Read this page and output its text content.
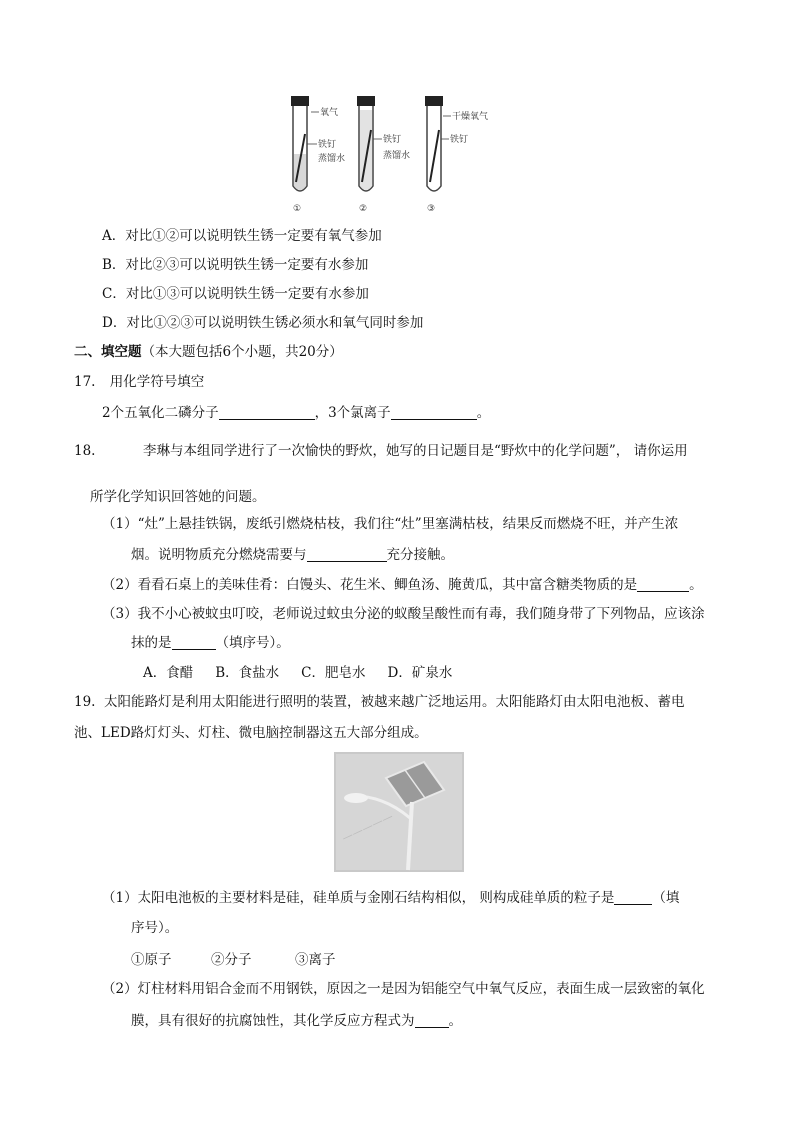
氧气
铁钉
蒸馏水
①
铁钉
蒸馏水
②
干燥氧气
铁钉
③
A．对比①②可以说明铁生锈一定要有氧气参加
B．对比②③可以说明铁生锈一定要有水参加
C．对比①③可以说明铁生锈一定要有水参加
D．对比①②③可以说明铁生锈必须水和氧气同时参加
二、填空题（本大题包括6个小题，共20分）
17. 用化学符号填空
2个五氧化二磷分子	，3个氯离子	。
18.	李琳与本组同学进行了一次愉快的野炊，她写的日记题目是“野炊中的化学问题”， 请你运用
所学化学知识回答她的问题。
（1）“灶”上悬挂铁锅，废纸引燃烧枯枝，我们往“灶”里塞满枯枝，结果反而燃烧不旺，并产生浓
烟。说明物质充分燃烧需要与	充分接触。
（2）看看石桌上的美味佳肴：白馒头、花生米、鲫鱼汤、腌黄瓜，其中富含糖类物质的是	。
（3）我不小心被蚊虫叮咬，老师说过蚊虫分泌的蚁酸呈酸性而有毒，我们随身带了下列物品，应该涂
抹的是	（填序号）。
A．食醋 B．食盐水 C．肥皂水 D．矿泉水
19. 太阳能路灯是利用太阳能进行照明的装置，被越来越广泛地运用。太阳能路灯由太阳电池板、蓄电
池、LED路灯灯头、灯柱、微电脑控制器这五大部分组成。
—————
（1）太阳电池板的主要材料是硅，硅单质与金刚石结构相似， 则构成硅单质的粒子是	（填
序号）。
①原子	②分子	③离子
（2）灯柱材料用铝合金而不用钢铁，原因之一是因为铝能空气中氧气反应，表面生成一层致密的氧化
膜，具有很好的抗腐蚀性，其化学反应方程式为	。
